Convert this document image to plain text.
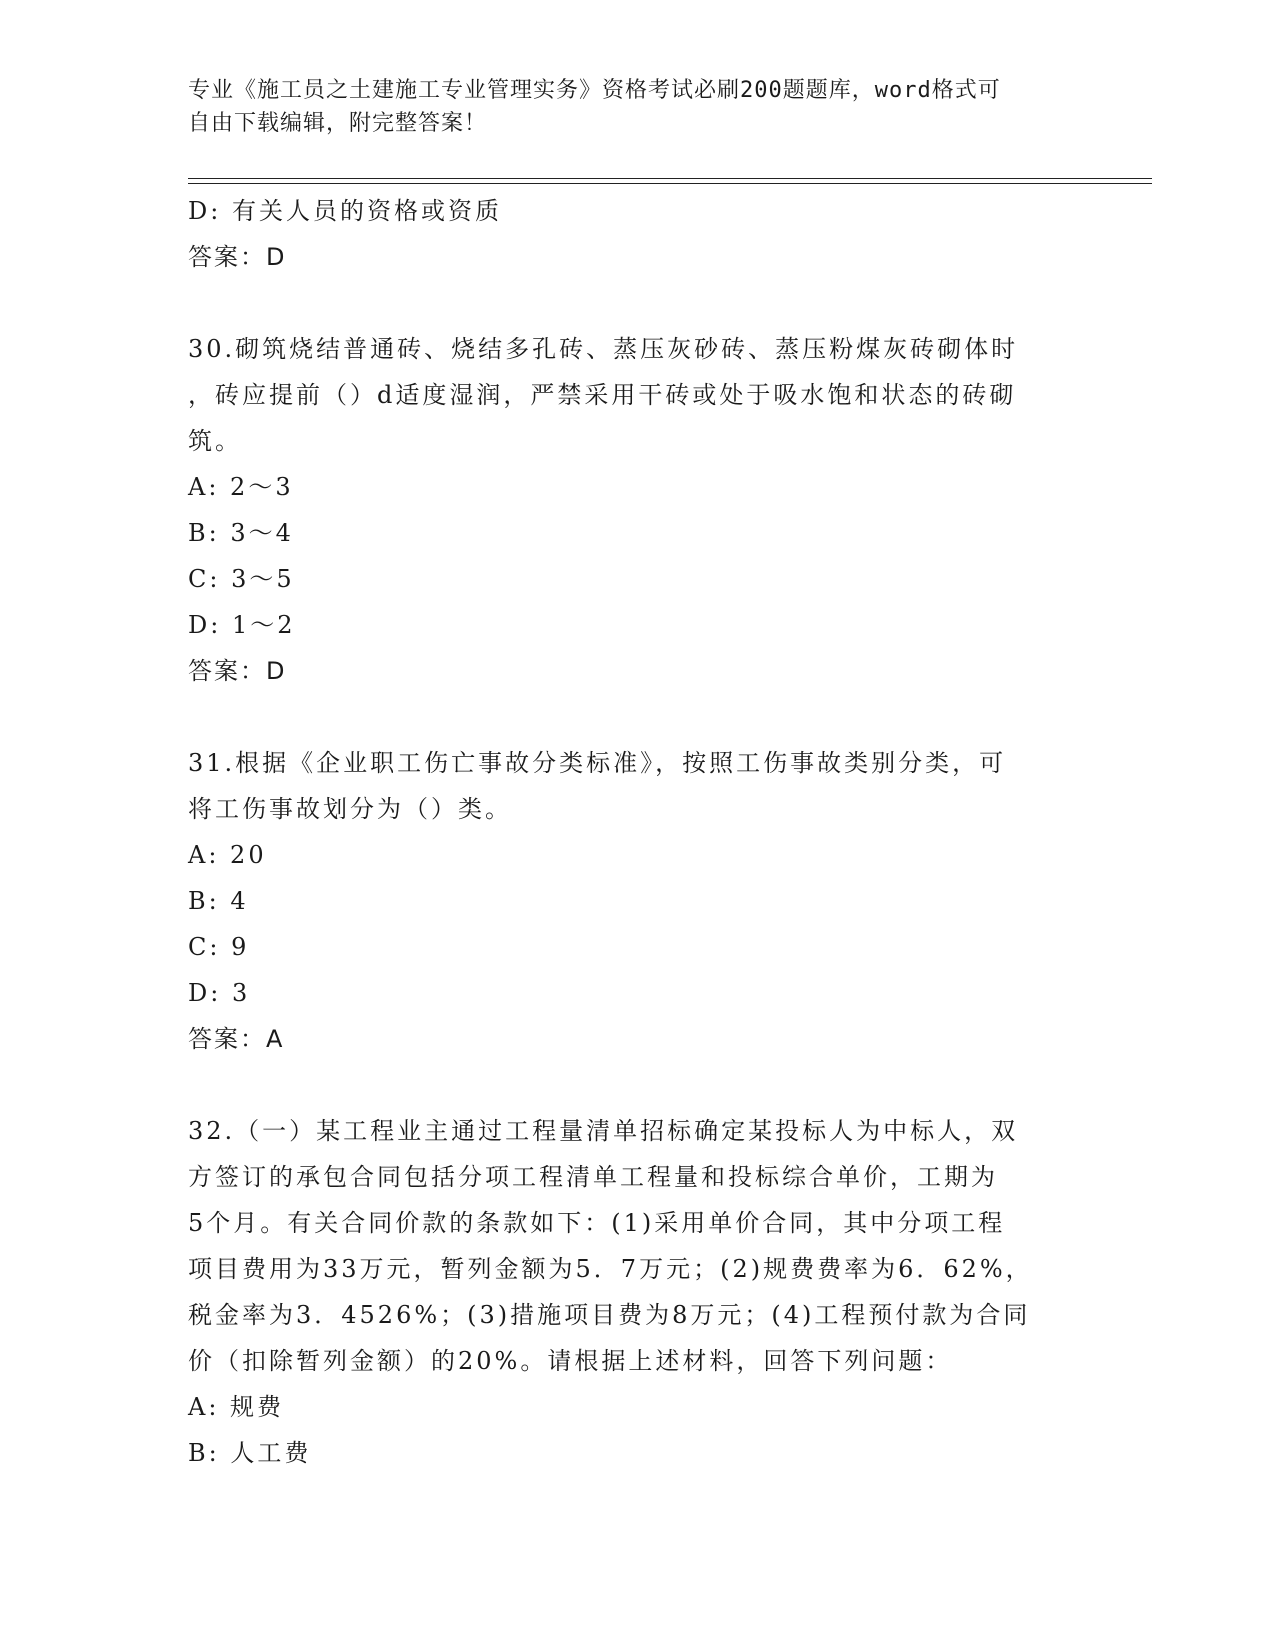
专业《施工员之土建施工专业管理实务》资格考试必刷200题题库，word格式可
自由下载编辑，附完整答案！
D: 有关人员的资格或资质
答案：D
30.砌筑烧结普通砖、烧结多孔砖、蒸压灰砂砖、蒸压粉煤灰砖砌体时
，砖应提前（）d适度湿润，严禁采用干砖或处于吸水饱和状态的砖砌
筑。
A: 2～3
B: 3～4
C: 3～5
D: 1～2
答案：D
31.根据《企业职工伤亡事故分类标准》，按照工伤事故类别分类，可
将工伤事故划分为（）类。
A: 20
B: 4
C: 9
D: 3
答案：A
32.（一）某工程业主通过工程量清单招标确定某投标人为中标人，双
方签订的承包合同包括分项工程清单工程量和投标综合单价，工期为
5个月。有关合同价款的条款如下：(1)采用单价合同，其中分项工程
项目费用为33万元，暂列金额为5．7万元；(2)规费费率为6．62%，
税金率为3．4526%；(3)措施项目费为8万元；(4)工程预付款为合同
价（扣除暂列金额）的20%。请根据上述材料，回答下列问题：
A: 规费
B: 人工费
